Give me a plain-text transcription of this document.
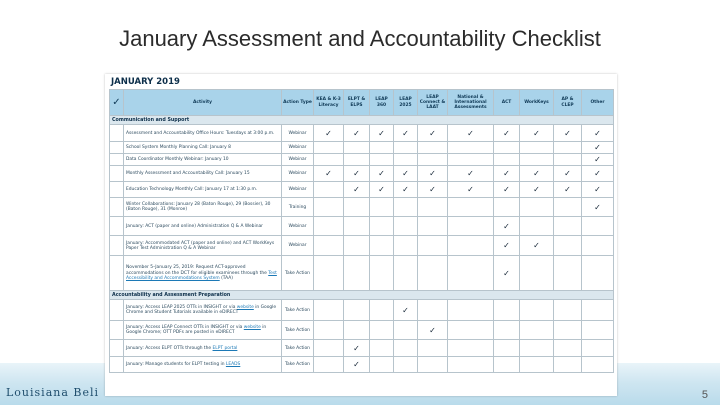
January Assessment and Accountability Checklist
Louisiana Beli	5
JANUARY 2019
✓	Activity	Action Type	KEA & K-3 Literacy	ELPT & ELPS	LEAP 360	LEAP 2025	LEAP Connect & LAAT	National & International Assessments	ACT	WorkKeys	AP & CLEP	Other
Communication and Support												
	Assessment and Accountability Office Hours: Tuesdays at 3:00 p.m.	Webinar	✓	✓	✓	✓	✓	✓	✓	✓	✓	✓
	School System Monthly Planning Call: January 8	Webinar										✓
	Data Coordinator Monthly Webinar: January 10	Webinar										✓
	Monthly Assessment and Accountability Call: January 15	Webinar	✓	✓	✓	✓	✓	✓	✓	✓	✓	✓
	Education Technology Monthly Call: January 17 at 1:30 p.m.	Webinar		✓	✓	✓	✓	✓	✓	✓	✓	✓
	Winter Collaborations: January 28 (Baton Rouge), 29 (Bossier), 30 (Baton Rouge), 31 (Monroe)	Training										✓
	January: ACT (paper and online) Administration Q & A Webinar	Webinar							✓			
	January: Accommodated ACT (paper and online) and ACT WorkKeys Paper Test Administration Q & A Webinar	Webinar							✓	✓		
	November 5–January 25, 2019: Request ACT-approved accommodations on the DCT for eligible examinees through the Test Accessibility and Accommodations System (TAA)	Take Action							✓			
Accountability and Assessment Preparation												
	January: Access LEAP 2025 OTTs in INSIGHT or via website in Google Chrome and Student Tutorials available in eDIRECT	Take Action				✓						
	January: Access LEAP Connect OTTs in INSIGHT or via website in Google Chrome; OTT PDFs are posted in eDIRECT	Take Action					✓					
	January: Access ELPT OTTs through the ELPT portal	Take Action		✓								
	January: Manage students for ELPT testing in LEADS	Take Action		✓								
